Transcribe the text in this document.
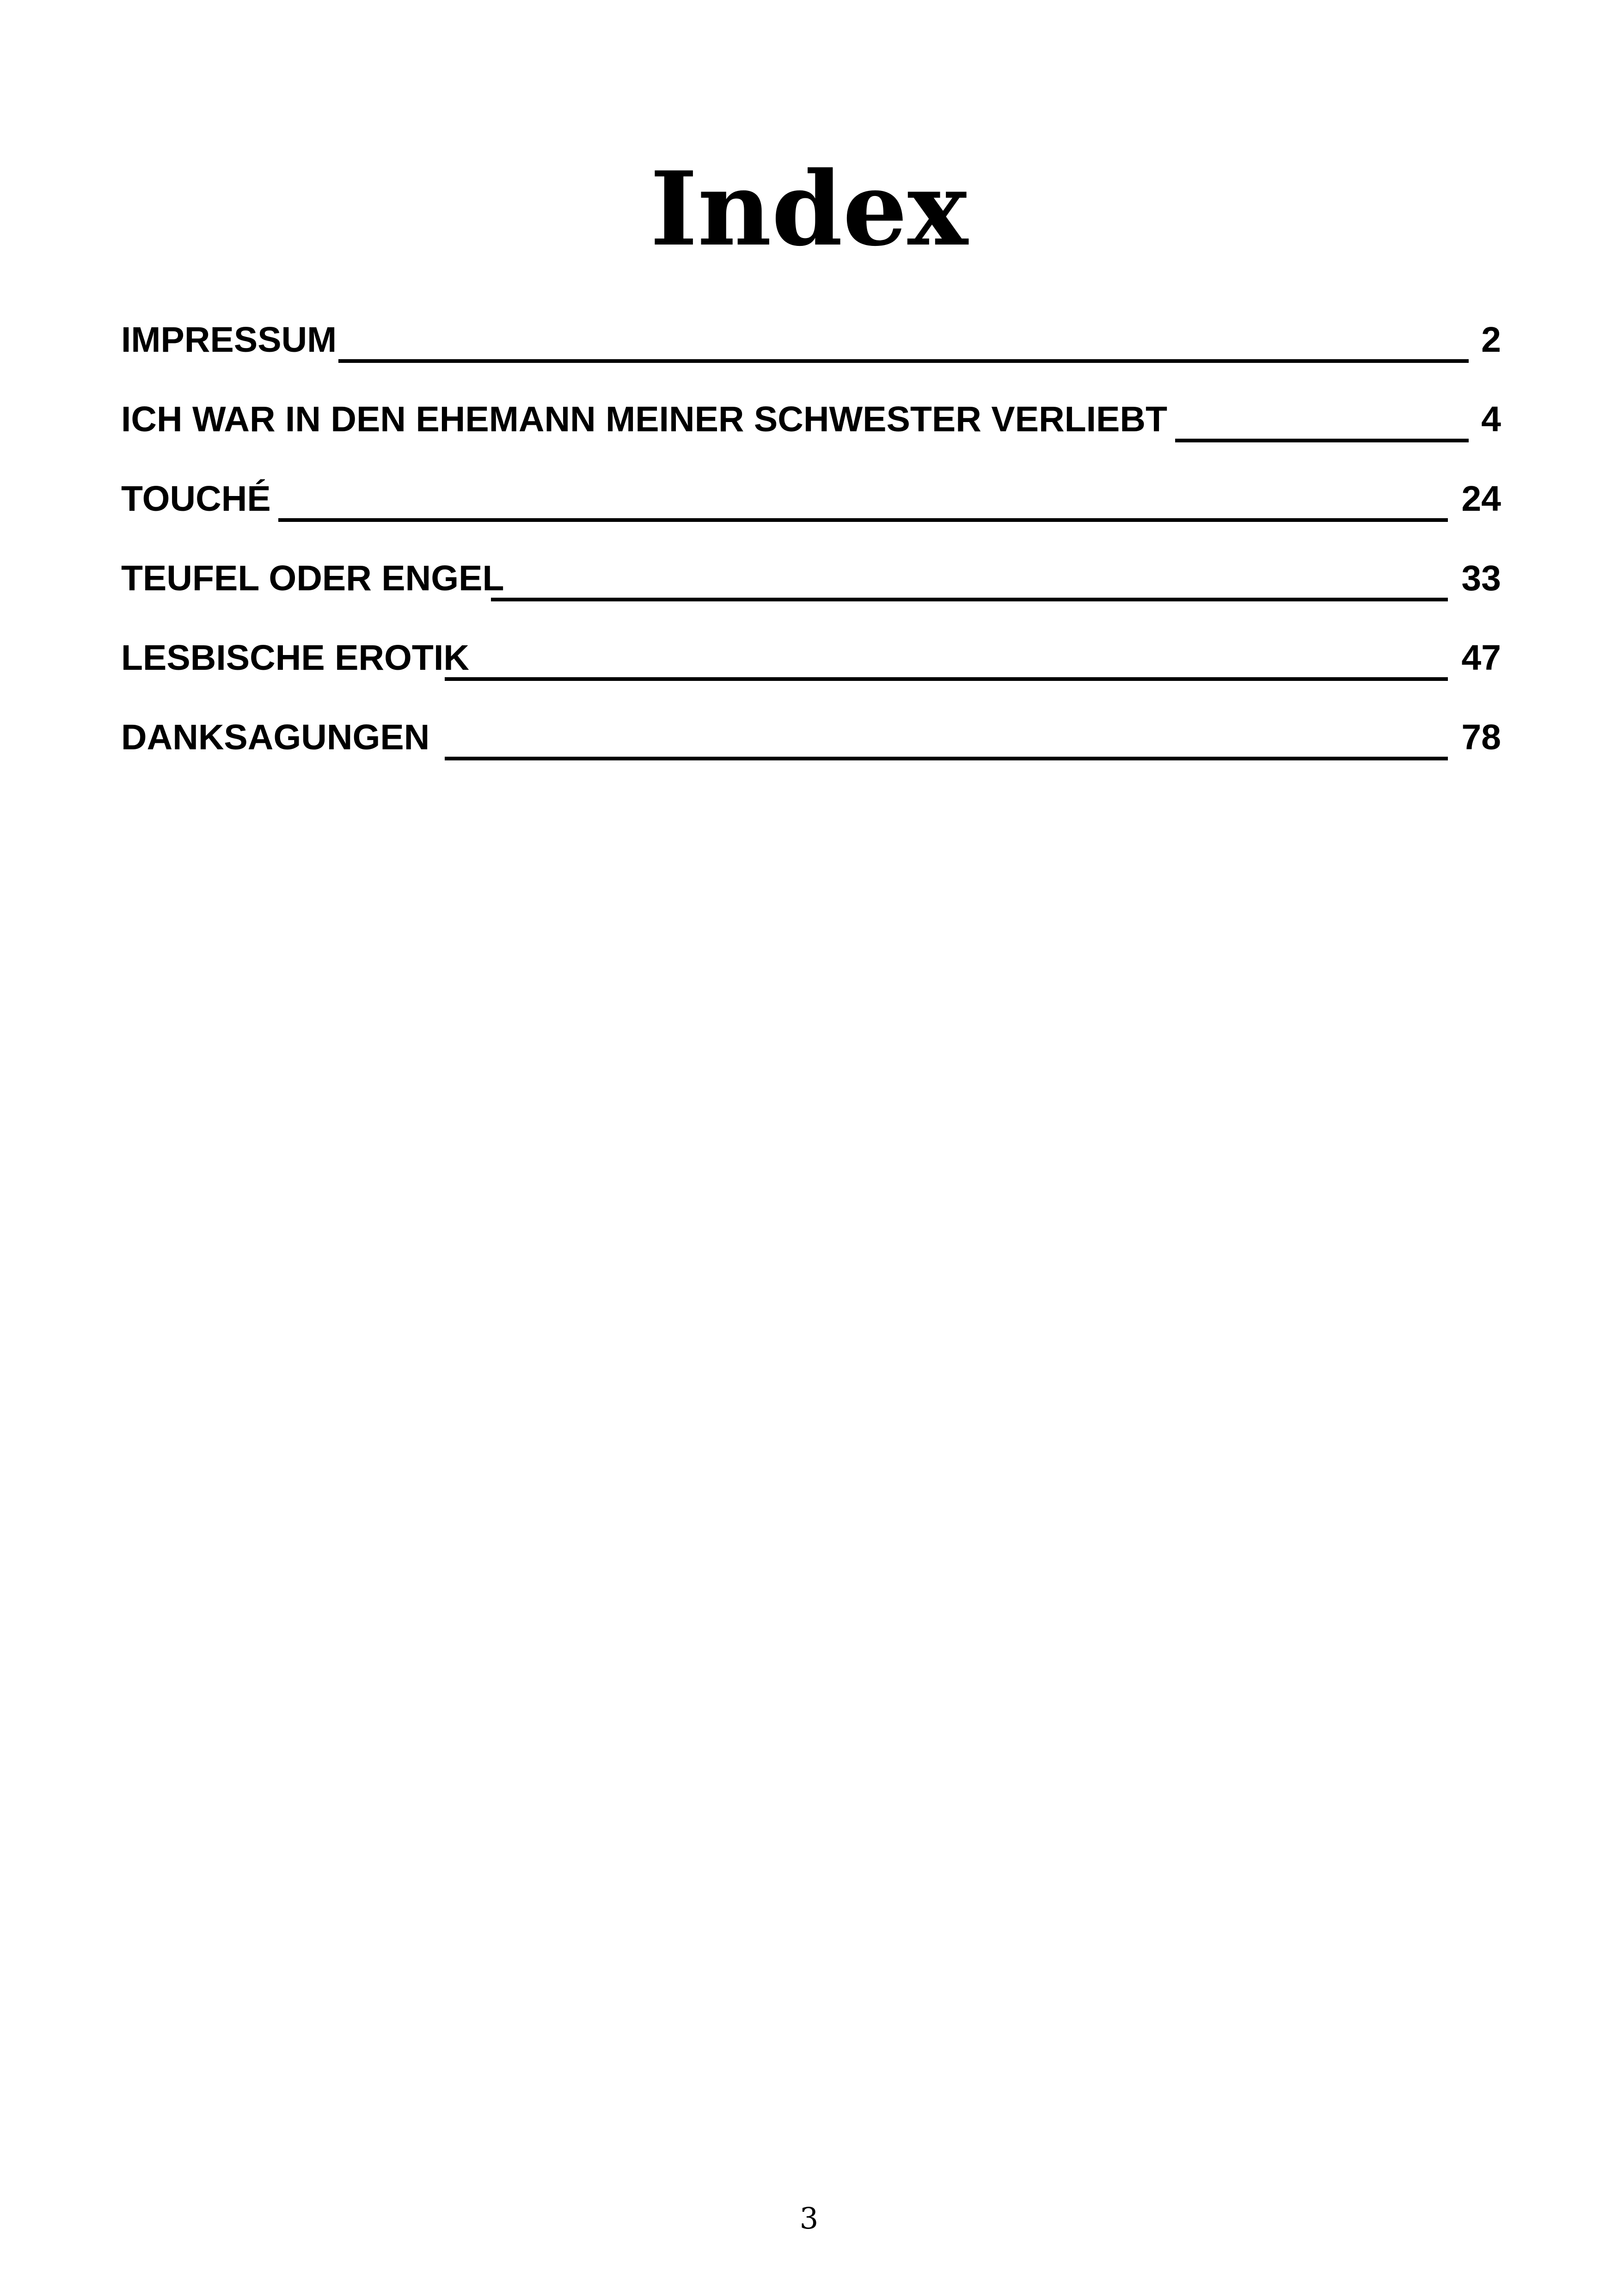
Index
IMPRESSUM	2
ICH WAR IN DEN EHEMANN MEINER SCHWESTER VERLIEBT	4
TOUCHÉ	24
TEUFEL ODER ENGEL	33
LESBISCHE EROTIK	47
DANKSAGUNGEN	78
3
